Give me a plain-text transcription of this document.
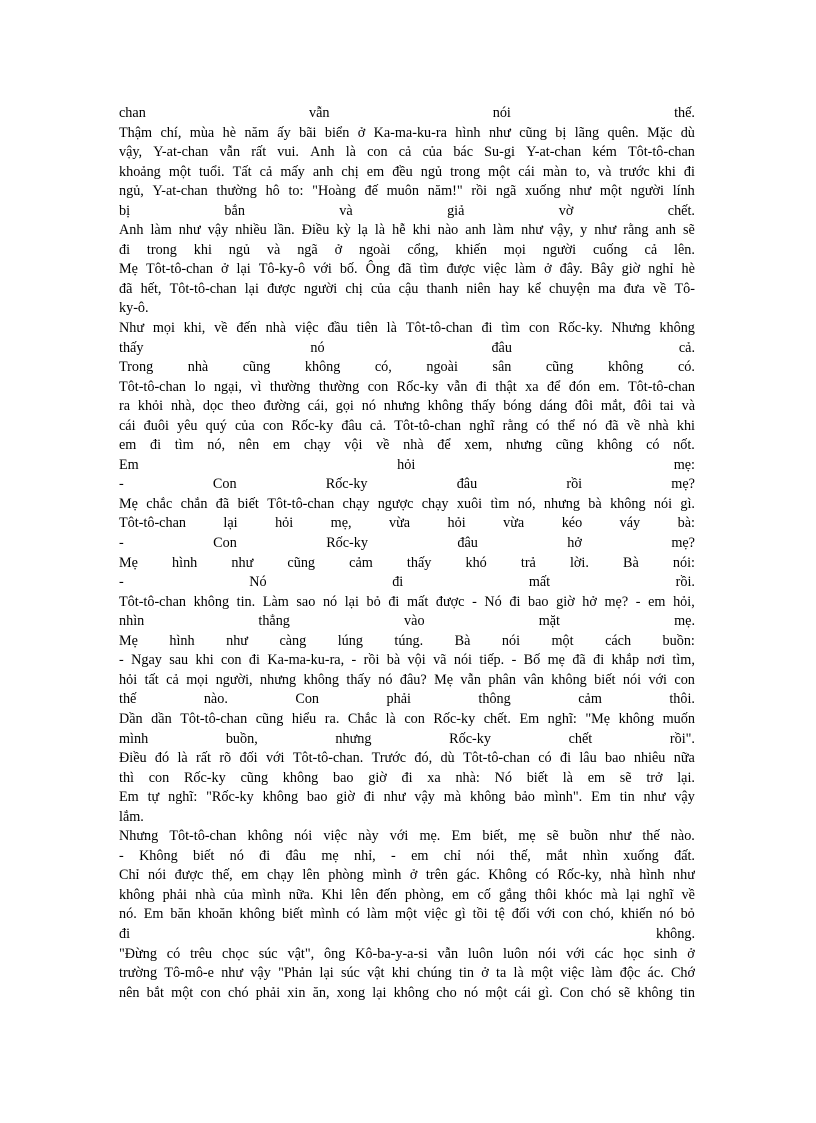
chan	vẫn	nói	thế.
Thậm chí, mùa hè năm ấy bãi biển ở Ka-ma-ku-ra hình như cũng bị lãng quên. Mặc dù
vậy, Y-at-chan vẫn rất vui. Anh là con cả của bác Su-gi Y-at-chan kém Tôt-tô-chan
khoảng một tuổi. Tất cả mấy anh chị em đều ngủ trong một cái màn to, và trước khi đi
ngủ, Y-at-chan thường hô to: "Hoàng đế muôn năm!" rồi ngã xuống như một người lính
bị	bắn	và	giả	vờ	chết.
Anh làm như vậy nhiều lần. Điều kỳ lạ là hễ khi nào anh làm như vậy, y như rằng anh sẽ
đi trong khi ngủ và ngã ở ngoài cổng, khiến mọi người cuống cả lên.
Mẹ Tôt-tô-chan ở lại Tô-ky-ô với bố. Ông đã tìm được việc làm ở đây. Bây giờ nghỉ hè
đã hết, Tôt-tô-chan lại được người chị của cậu thanh niên hay kể chuyện ma đưa về Tô-
ky-ô.
Như mọi khi, về đến nhà việc đầu tiên là Tôt-tô-chan đi tìm con Rốc-ky. Nhưng không
thấy	nó	đâu	cả.
Trong nhà cũng không có, ngoài sân cũng không có.
Tôt-tô-chan lo ngại, vì thường thường con Rốc-ky vẫn đi thật xa để đón em. Tôt-tô-chan
ra khỏi nhà, dọc theo đường cái, gọi nó nhưng không thấy bóng dáng đôi mắt, đôi tai và
cái đuôi yêu quý của con Rốc-ky đâu cả. Tôt-tô-chan nghĩ rằng có thể nó đã về nhà khi
em đi tìm nó, nên em chạy vội về nhà để xem, nhưng cũng không có nốt.
Em	hỏi	mẹ:
-	Con	Rốc-ky	đâu	rồi	mẹ?
Mẹ chắc chắn đã biết Tôt-tô-chan chạy ngược chạy xuôi tìm nó, nhưng bà không nói gì.
Tôt-tô-chan	lại	hỏi	mẹ,	vừa	hỏi	vừa	kéo	váy	bà:
-	Con	Rốc-ky	đâu	hở	mẹ?
Mẹ hình như cũng cảm thấy khó trả lời. Bà nói:
-	Nó	đi	mất	rồi.
Tôt-tô-chan không tin. Làm sao nó lại bỏ đi mất được - Nó đi bao giờ hở mẹ? - em hỏi,
nhìn	thẳng	vào	mặt	mẹ.
Mẹ hình như càng lúng túng. Bà nói một cách buồn:
- Ngay sau khi con đi Ka-ma-ku-ra, - rồi bà vội vã nói tiếp. - Bố mẹ đã đi khắp nơi tìm,
hỏi tất cả mọi người, nhưng không thấy nó đâu? Mẹ vẫn phân vân không biết nói với con
thế	nào.	Con	phải	thông	cảm	thôi.
Dần dần Tôt-tô-chan cũng hiểu ra. Chắc là con Rốc-ky chết. Em nghĩ: "Mẹ không muốn
mình	buồn,	nhưng	Rốc-ky	chết	rồi".
Điều đó là rất rõ đối với Tôt-tô-chan. Trước đó, dù Tôt-tô-chan có đi lâu bao nhiêu nữa
thì con Rốc-ky cũng không bao giờ đi xa nhà: Nó biết là em sẽ trở lại.
Em tự nghĩ: "Rốc-ky không bao giờ đi như vậy mà không bảo mình". Em tin như vậy
lắm.
Nhưng Tôt-tô-chan không nói việc này với mẹ. Em biết, mẹ sẽ buồn như thế nào.
- Không biết nó đi đâu mẹ nhỉ, - em chỉ nói thế, mắt nhìn xuống đất.
Chỉ nói được thế, em chạy lên phòng mình ở trên gác. Không có Rốc-ky, nhà hình như
không phải nhà của mình nữa. Khi lên đến phòng, em cố gắng thôi khóc mà lại nghĩ về
nó. Em băn khoăn không biết mình có làm một việc gì tồi tệ đối với con chó, khiến nó bỏ
đi	không.
"Đừng có trêu chọc súc vật", ông Kô-ba-y-a-si vẫn luôn luôn nói với các học sinh ở
trường Tô-mô-e như vậy "Phản lại súc vật khi chúng tin ở ta là một việc làm độc ác. Chớ
nên bắt một con chó phải xin ăn, xong lại không cho nó một cái gì. Con chó sẽ không tin
